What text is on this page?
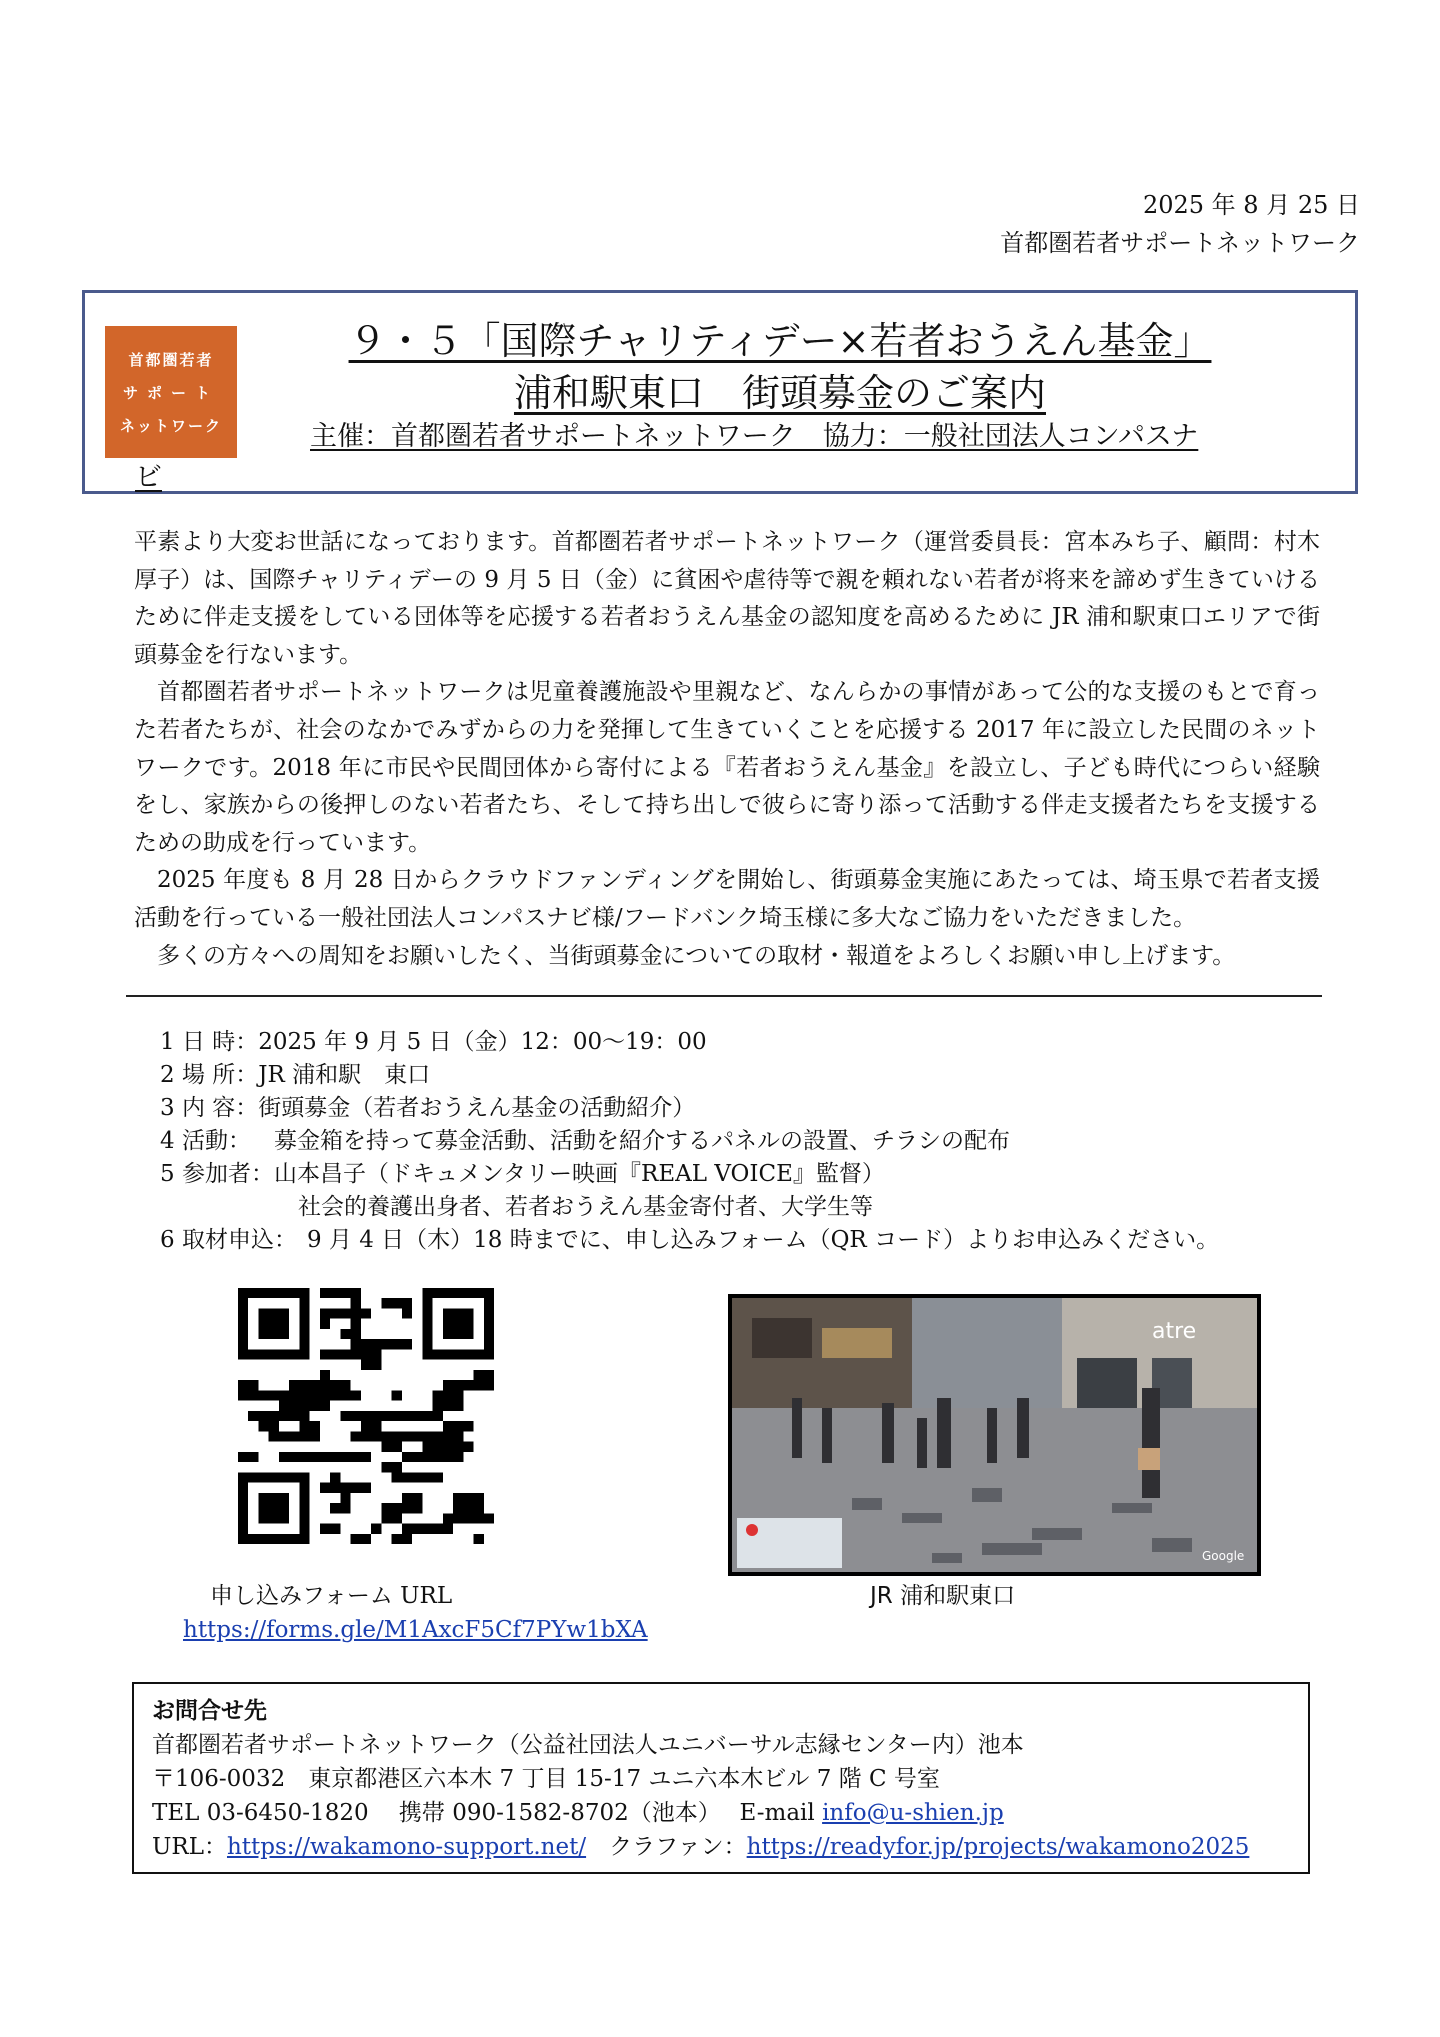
2025 年 8 月 25 日
首都圏若者サポートネットワーク
首都圏若者
サポート
ネットワーク
９・５「国際チャリティデー×若者おうえん基金」
浦和駅東口　街頭募金のご案内
主催：首都圏若者サポートネットワーク　協力：一般社団法人コンパスナ
ビ

平素より大変お世話になっております。首都圏若者サポートネットワーク（運営委員長：宮本みち子、顧問：村木厚子）は、国際チャリティデーの 9 月 5 日（金）に貧困や虐待等で親を頼れない若者が将来を諦めず生きていけるために伴走支援をしている団体等を応援する若者おうえん基金の認知度を高めるために JR 浦和駅東口エリアで街頭募金を行ないます。

首都圏若者サポートネットワークは児童養護施設や里親など、なんらかの事情があって公的な支援のもとで育った若者たちが、社会のなかでみずからの力を発揮して生きていくことを応援する 2017 年に設立した民間のネットワークです。2018 年に市民や民間団体から寄付による『若者おうえん基金』を設立し、子ども時代につらい経験をし、家族からの後押しのない若者たち、そして持ち出しで彼らに寄り添って活動する伴走支援者たちを支援するための助成を行っています。

2025 年度も 8 月 28 日からクラウドファンディングを開始し、街頭募金実施にあたっては、埼玉県で若者支援活動を行っている一般社団法人コンパスナビ様/フードバンク埼玉様に多大なご協力をいただきました。

多くの方々への周知をお願いしたく、当街頭募金についての取材・報道をよろしくお願い申し上げます。

1 日 時： 2025 年 9 月 5 日（金）12：00～19：00
2 場 所： JR 浦和駅　東口
3 内 容： 街頭募金（若者おうえん基金の活動紹介）
4 活動： 　募金箱を持って募金活動、活動を紹介するパネルの設置、チラシの配布
5 参加者： 山本昌子（ドキュメンタリー映画『REAL VOICE』監督）
社会的養護出身者、若者おうえん基金寄付者、大学生等
6 取材申込： 9 月 4 日（木）18 時までに、申し込みフォーム（QR コード）よりお申込みください。
atre
Google
申し込みフォーム URL
https://forms.gle/M1AxcF5Cf7PYw1bXA
JR 浦和駅東口
お問合せ先
首都圏若者サポートネットワーク（公益社団法人ユニバーサル志縁センター内）池本
〒106-0032　東京都港区六本木 7 丁目 15-17 ユニ六本木ビル 7 階 C 号室
TEL 03-6450-1820　 携帯 090-1582-8702（池本）　 E-mail info@u-shien.jp
URL：https://wakamono-support.net/　クラファン：https://readyfor.jp/projects/wakamono2025
